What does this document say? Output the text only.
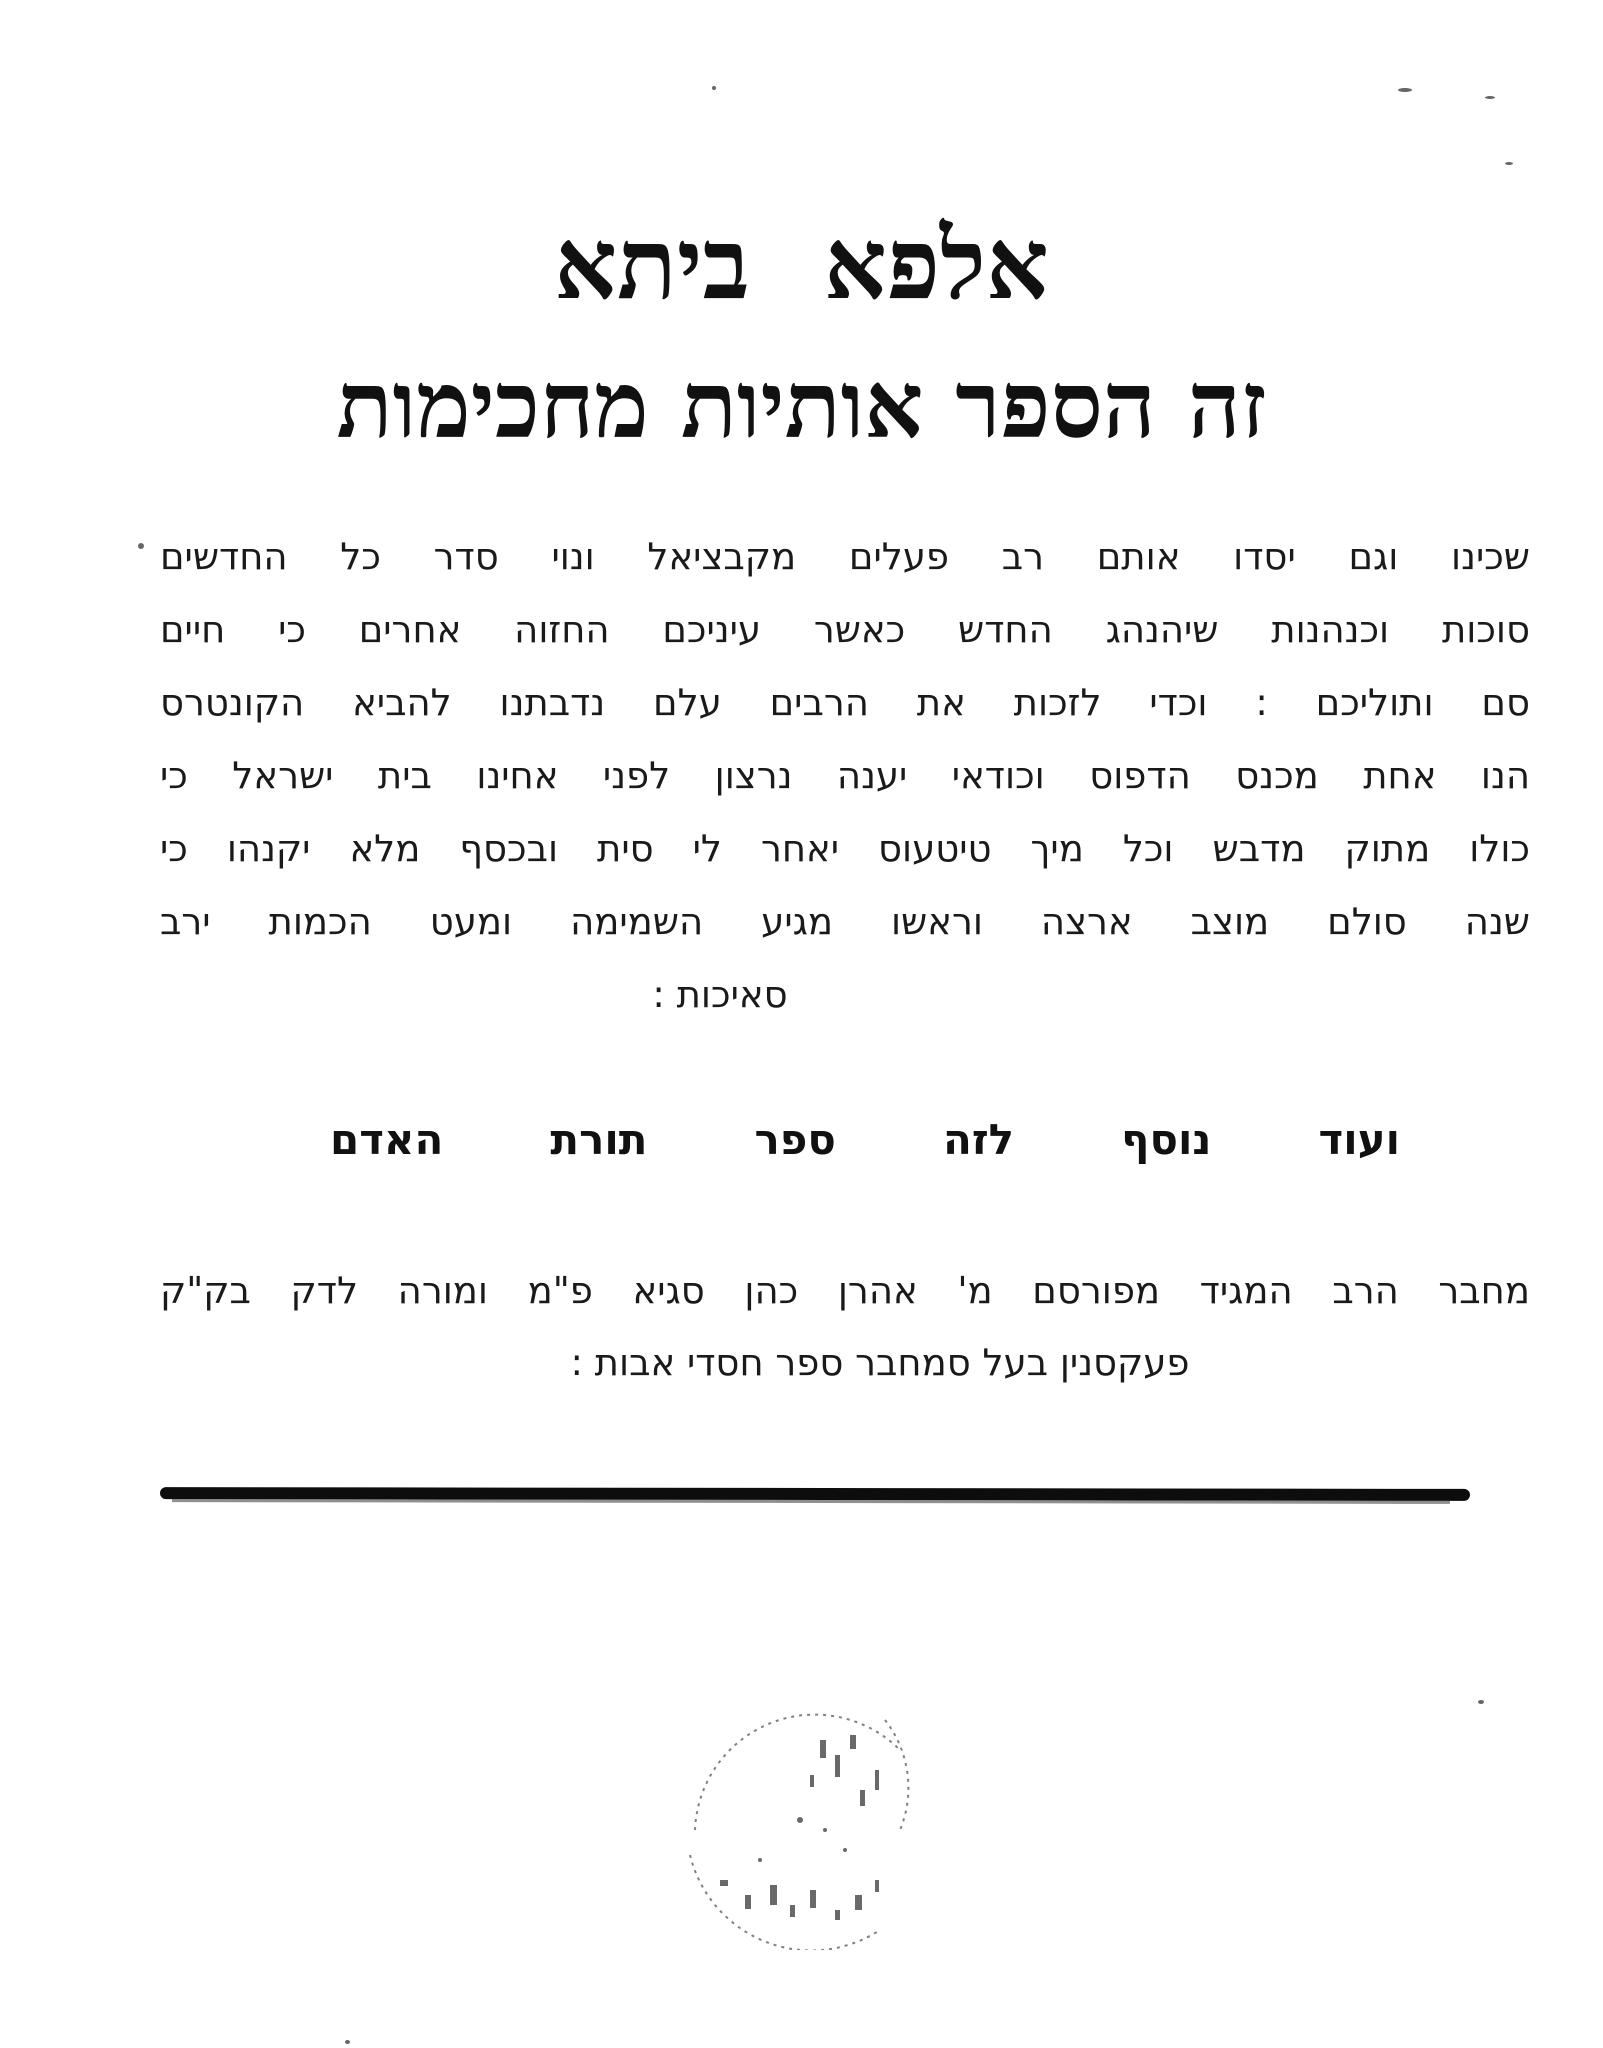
אלפא ביתא
זה הספר אותיות מחכימות
שכינו וגם יסדו אותם רב פעלים מקבציאל ונוי סדר כל החדשים
סוכות וכנהנות שיהנהג החדש כאשר עיניכם החזוה אחרים כי חיים
סם ותוליכם : וכדי לזכות את הרבים עלם נדבתנו להביא הקונטרס
הנו אחת מכנס הדפוס וכודאי יענה נרצון לפני אחינו בית ישראל כי
כולו מתוק מדבש וכל מיך טיטעוס יאחר לי סית ובכסף מלא יקנהו כי
שנה סולם מוצב ארצה וראשו מגיע השמימה ומעט הכמות ירב
סאיכות :
ועוד נוסף לזה ספר תורת האדם
מחבר הרב המגיד מפורסם מ' אהרן כהן סגיא פ"מ ומורה לדק בק"ק
פעקסנין בעל סמחבר ספר חסדי אבות :
